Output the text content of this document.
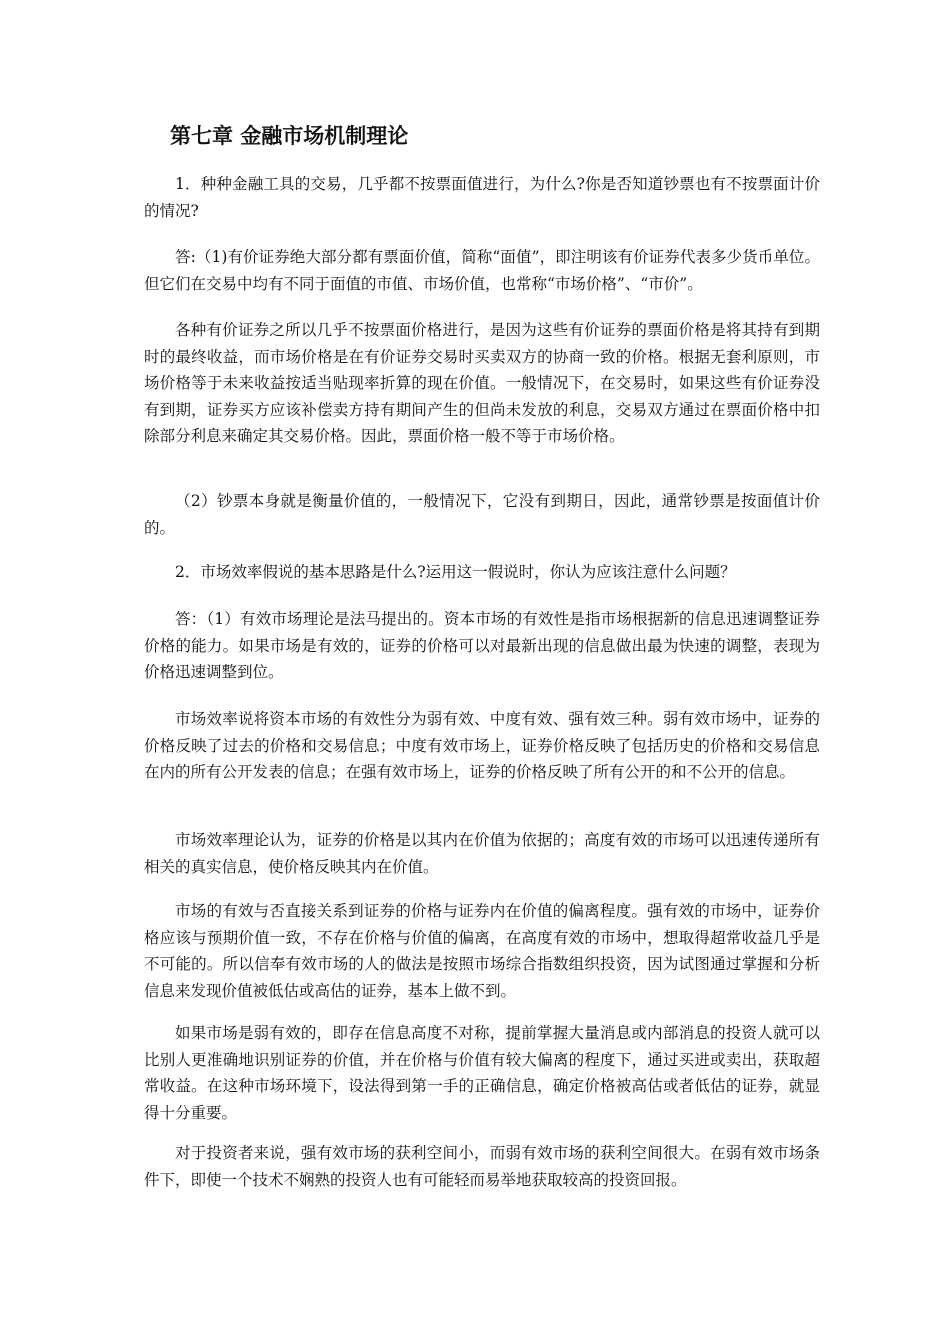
第七章 金融市场机制理论

1．种种金融工具的交易，几乎都不按票面值进行，为什么?你是否知道钞票也有不按票面计价的情况?

答:（1)有价证券绝大部分都有票面价值，简称“面值”，即注明该有价证券代表多少货币单位。但它们在交易中均有不同于面值的市值、市场价值，也常称“市场价格”、“市价”。

各种有价证券之所以几乎不按票面价格进行，是因为这些有价证券的票面价格是将其持有到期时的最终收益，而市场价格是在有价证券交易时买卖双方的协商一致的价格。根据无套利原则，市场价格等于未来收益按适当贴现率折算的现在价值。一般情况下，在交易时，如果这些有价证券没有到期，证券买方应该补偿卖方持有期间产生的但尚未发放的利息，交易双方通过在票面价格中扣除部分利息来确定其交易价格。因此，票面价格一般不等于市场价格。

（2）钞票本身就是衡量价值的，一般情况下，它没有到期日，因此，通常钞票是按面值计价的。

2．市场效率假说的基本思路是什么?运用这一假说时，你认为应该注意什么问题？

答：（1）有效市场理论是法马提出的。资本市场的有效性是指市场根据新的信息迅速调整证券价格的能力。如果市场是有效的，证券的价格可以对最新出现的信息做出最为快速的调整，表现为价格迅速调整到位。

市场效率说将资本市场的有效性分为弱有效、中度有效、强有效三种。弱有效市场中，证券的价格反映了过去的价格和交易信息；中度有效市场上，证券价格反映了包括历史的价格和交易信息在内的所有公开发表的信息；在强有效市场上，证券的价格反映了所有公开的和不公开的信息。

市场效率理论认为，证券的价格是以其内在价值为依据的；高度有效的市场可以迅速传递所有相关的真实信息，使价格反映其内在价值。

市场的有效与否直接关系到证券的价格与证券内在价值的偏离程度。强有效的市场中，证券价格应该与预期价值一致，不存在价格与价值的偏离，在高度有效的市场中，想取得超常收益几乎是不可能的。所以信奉有效市场的人的做法是按照市场综合指数组织投资，因为试图通过掌握和分析信息来发现价值被低估或高估的证券，基本上做不到。

如果市场是弱有效的，即存在信息高度不对称，提前掌握大量消息或内部消息的投资人就可以比别人更准确地识别证券的价值，并在价格与价值有较大偏离的程度下，通过买进或卖出，获取超常收益。在这种市场环境下，设法得到第一手的正确信息，确定价格被高估或者低估的证券，就显得十分重要。

对于投资者来说，强有效市场的获利空间小，而弱有效市场的获利空间很大。在弱有效市场条件下，即使一个技术不娴熟的投资人也有可能轻而易举地获取较高的投资回报。
